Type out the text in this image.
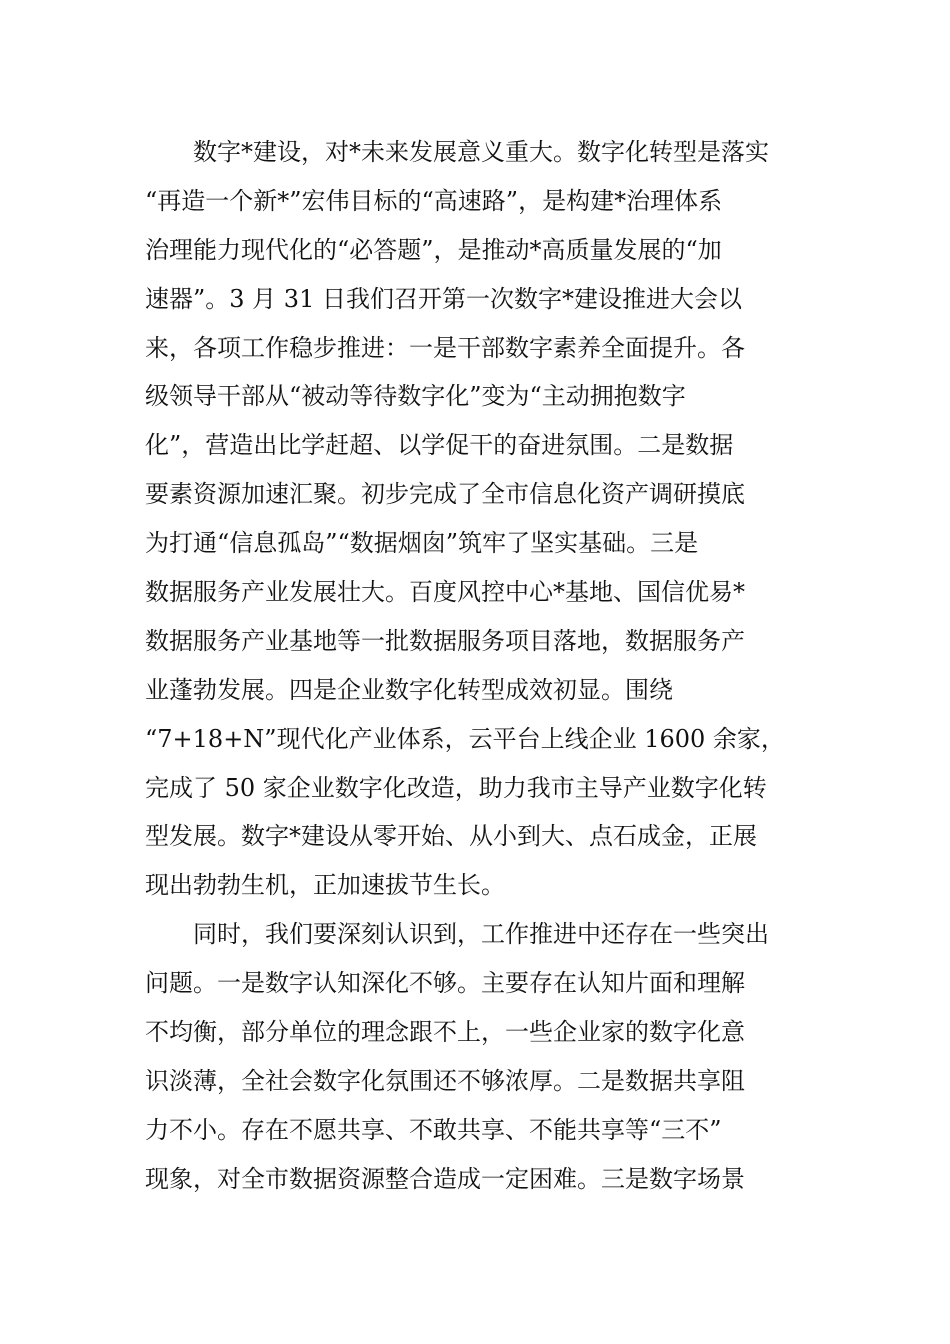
数字*建设，对*未来发展意义重大。数字化转型是落实
“再造一个新*”宏伟目标的“高速路”，是构建*治理体系
治理能力现代化的“必答题”，是推动*高质量发展的“加
速器”。3 月 31 日我们召开第一次数字*建设推进大会以
来，各项工作稳步推进：一是干部数字素养全面提升。各
级领导干部从“被动等待数字化”变为“主动拥抱数字
化”，营造出比学赶超、以学促干的奋进氛围。二是数据
要素资源加速汇聚。初步完成了全市信息化资产调研摸底
为打通“信息孤岛”“数据烟囱”筑牢了坚实基础。三是
数据服务产业发展壮大。百度风控中心*基地、国信优易*
数据服务产业基地等一批数据服务项目落地，数据服务产
业蓬勃发展。四是企业数字化转型成效初显。围绕
“7+18+N”现代化产业体系，云平台上线企业 1600 余家，
完成了 50 家企业数字化改造，助力我市主导产业数字化转
型发展。数字*建设从零开始、从小到大、点石成金，正展
现出勃勃生机，正加速拔节生长。
同时，我们要深刻认识到，工作推进中还存在一些突出
问题。一是数字认知深化不够。主要存在认知片面和理解
不均衡，部分单位的理念跟不上，一些企业家的数字化意
识淡薄，全社会数字化氛围还不够浓厚。二是数据共享阻
力不小。存在不愿共享、不敢共享、不能共享等“三不”
现象，对全市数据资源整合造成一定困难。三是数字场景
